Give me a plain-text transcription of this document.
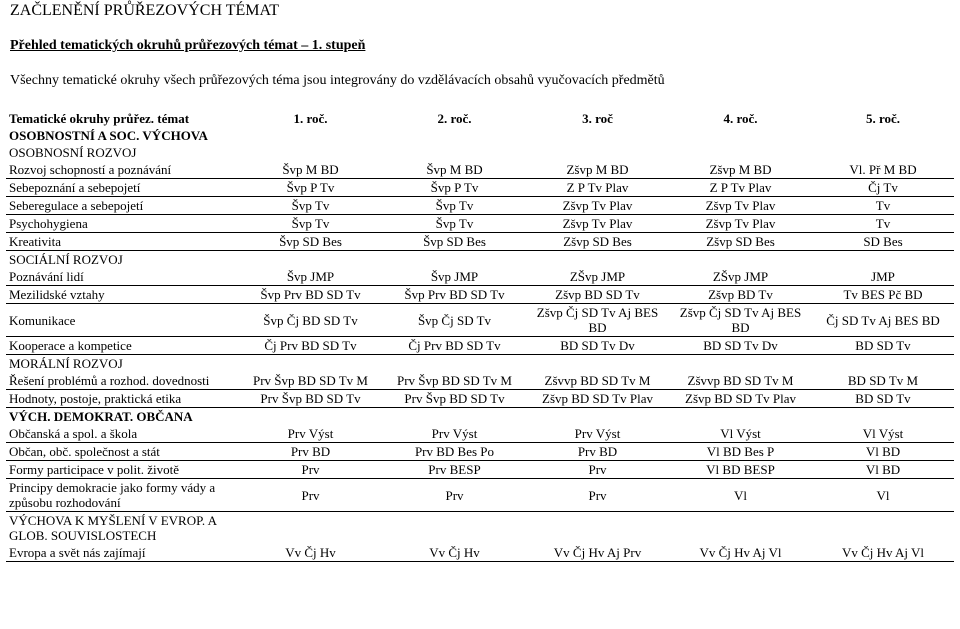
ZAČLENĚNÍ PRŮŘEZOVÝCH TÉMAT
Přehled tematických okruhů průřezových témat – 1. stupeň
Všechny tematické okruhy všech průřezových téma jsou integrovány do vzdělávacích obsahů vyučovacích předmětů
Tematické okruhy průřez. témat	1. roč.	2. roč.	3. roč	4. roč.	5. roč.
OSOBNOSTNÍ A SOC. VÝCHOVA					
OSOBNOSNÍ ROZVOJ					
Rozvoj schopností a poznávání	Švp M BD	Švp M BD	Zšvp M BD	Zšvp M BD	Vl. Př M BD
Sebepoznání a sebepojetí	Švp P Tv	Švp P Tv	Z P Tv Plav	Z P Tv Plav	Čj Tv
Seberegulace a sebepojetí	Švp Tv	Švp Tv	Zšvp Tv Plav	Zšvp Tv Plav	Tv
Psychohygiena	Švp Tv	Švp Tv	Zšvp Tv Plav	Zšvp Tv Plav	Tv
Kreativita	Švp SD Bes	Švp SD Bes	Zšvp SD Bes	Zšvp SD Bes	SD Bes
SOCIÁLNÍ ROZVOJ					
Poznávání lidí	Švp JMP	Švp JMP	ZŠvp JMP	ZŠvp JMP	JMP
Mezilidské vztahy	Švp Prv BD SD Tv	Švp Prv BD SD Tv	Zšvp BD SD Tv	Zšvp BD Tv	Tv BES Pč BD
Komunikace	Švp Čj BD SD Tv	Švp Čj SD Tv	Zšvp Čj SD Tv Aj BES BD	Zšvp Čj SD Tv Aj BES BD	Čj SD Tv Aj BES BD
Kooperace a kompetice	Čj Prv BD SD Tv	Čj Prv BD SD Tv	BD SD Tv Dv	BD SD Tv Dv	BD SD Tv
MORÁLNÍ ROZVOJ					
Řešení problémů a rozhod. dovednosti	Prv Švp BD SD Tv M	Prv Švp BD SD Tv M	Zšvvp BD SD Tv M	Zšvvp BD SD Tv M	BD SD Tv M
Hodnoty, postoje, praktická etika	Prv Švp BD SD Tv	Prv Švp BD SD Tv	Zšvp BD SD Tv Plav	Zšvp BD SD Tv Plav	BD SD Tv
VÝCH. DEMOKRAT. OBČANA					
Občanská a spol. a škola	Prv Výst	Prv Výst	Prv Výst	Vl Výst	Vl Výst
Občan, obč. společnost a stát	Prv BD	Prv BD Bes Po	Prv BD	Vl BD Bes P	Vl BD
Formy participace v polit. životě	Prv	Prv BESP	Prv	Vl BD BESP	Vl BD
Principy demokracie jako formy vády a způsobu rozhodování	Prv	Prv	Prv	Vl	Vl
VÝCHOVA K MYŠLENÍ V EVROP. A GLOB. SOUVISLOSTECH					
Evropa a svět nás zajímají	Vv Čj Hv	Vv Čj Hv	Vv Čj Hv Aj Prv	Vv Čj Hv Aj Vl	Vv Čj Hv Aj Vl
